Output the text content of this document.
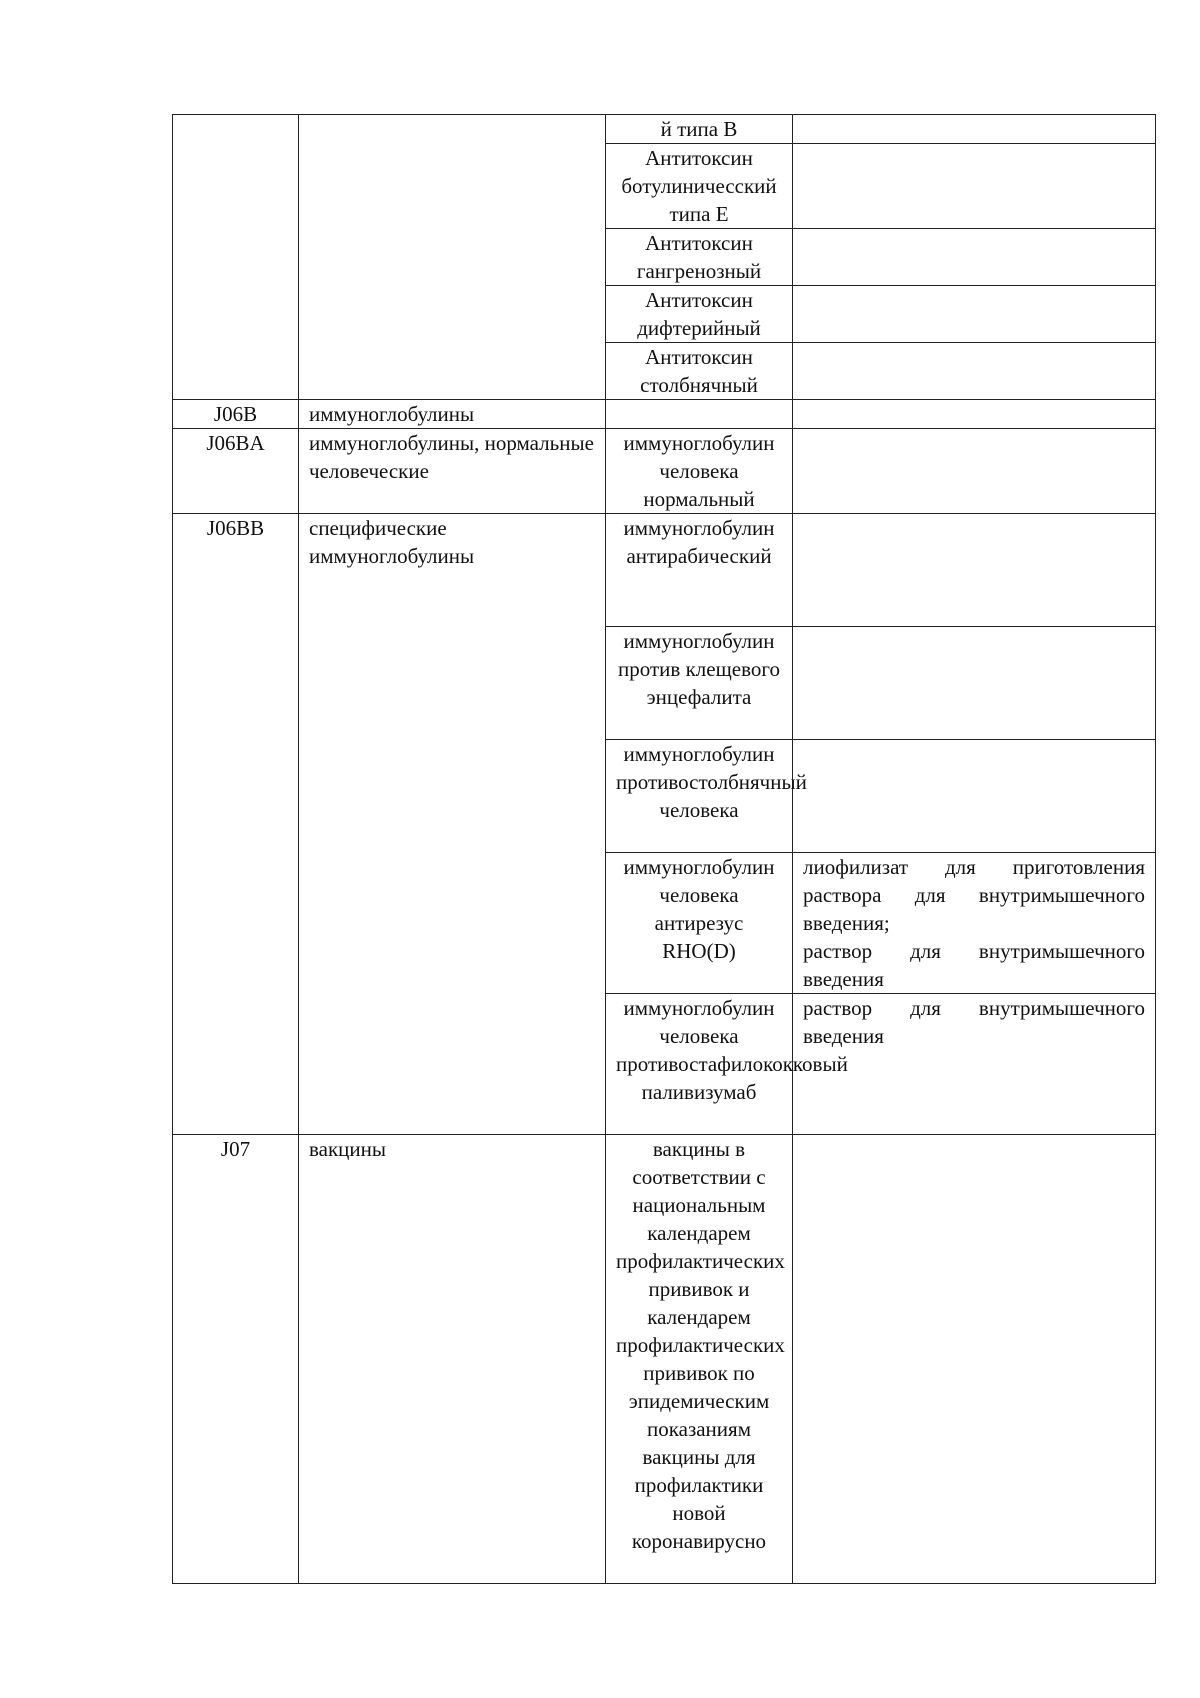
		й типа B	
		Антитоксин ботулиничесский типа E	
		Антитоксин гангренозный	
		Антитоксин дифтерийный	
		Антитоксин столбнячный	
J06B	иммуноглобулины		
J06BA	иммуноглобулины, нормальные человеческие	иммуноглобулин человека нормальный	
J06BB	специфические иммуноглобулины	иммуноглобулин антирабический	
		иммуноглобулин против клещевого энцефалита	
		иммуноглобулин противостолбнячный человека	
		иммуноглобулин человека антирезус RHO(D)	лиофилизат для приготовления раствора для внутримышечного введения;
раствор для внутримышечного введения

		иммуноглобулин человека противостафилококковый паливизумаб	раствор для внутримышечного введения

J07	вакцины	вакцины в соответствии с национальным календарем профилактических прививок и календарем профилактических прививок по эпидемическим показаниям вакцины для профилактики новой коронавирусно	
